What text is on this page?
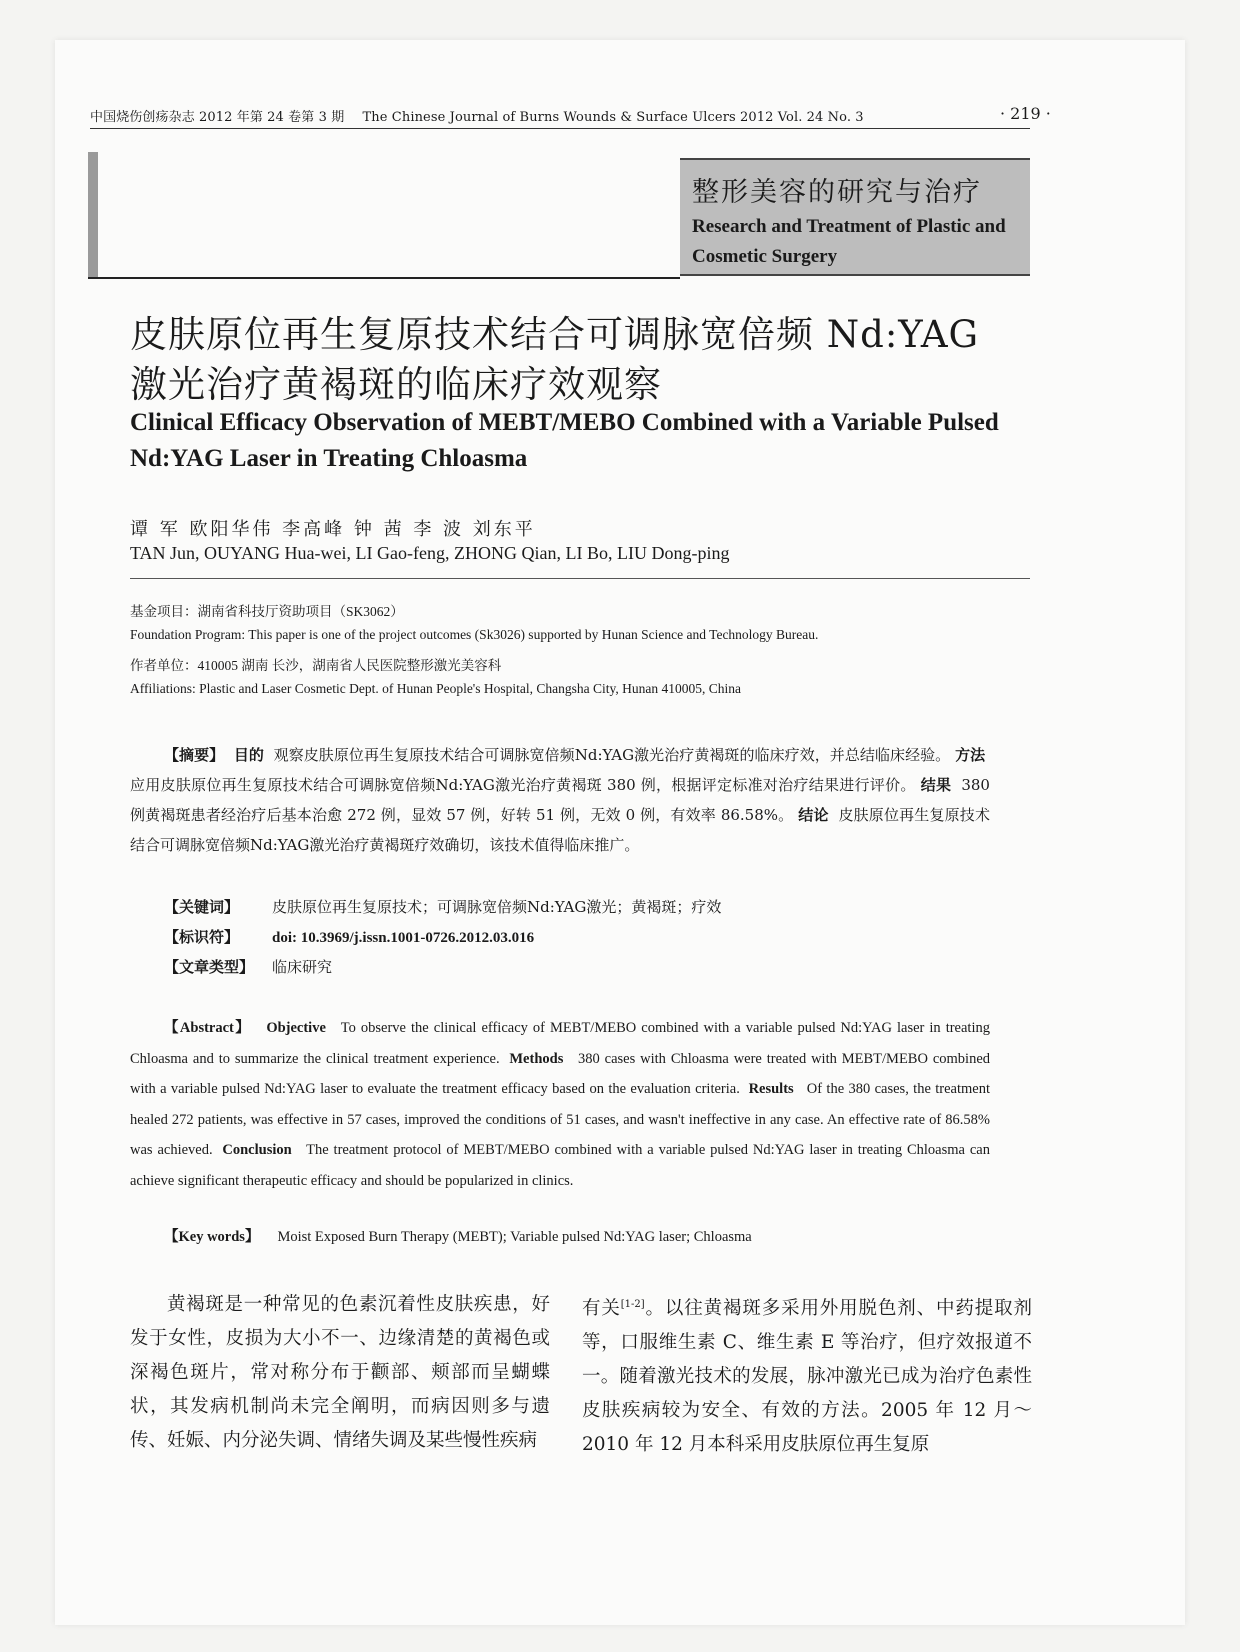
中国烧伤创疡杂志 2012 年第 24 卷第 3 期 The Chinese Journal of Burns Wounds & Surface Ulcers 2012 Vol. 24 No. 3	· 219 ·
整形美容的研究与治疗
Research and Treatment of Plastic and Cosmetic Surgery
皮肤原位再生复原技术结合可调脉宽倍频 Nd:YAG 激光治疗黄褐斑的临床疗效观察
Clinical Efficacy Observation of MEBT/MEBO Combined with a Variable Pulsed Nd:YAG Laser in Treating Chloasma
谭 军 欧阳华伟 李高峰 钟 茜 李 波 刘东平
TAN Jun, OUYANG Hua-wei, LI Gao-feng, ZHONG Qian, LI Bo, LIU Dong-ping
基金项目：湖南省科技厅资助项目（SK3062）
Foundation Program: This paper is one of the project outcomes (Sk3026) supported by Hunan Science and Technology Bureau.
作者单位：410005 湖南 长沙，湖南省人民医院整形激光美容科
Affiliations: Plastic and Laser Cosmetic Dept. of Hunan People's Hospital, Changsha City, Hunan 410005, China
【摘要】 目的 观察皮肤原位再生复原技术结合可调脉宽倍频Nd:YAG激光治疗黄褐斑的临床疗效，并总结临床经验。 方法  应用皮肤原位再生复原技术结合可调脉宽倍频Nd:YAG激光治疗黄褐斑 380 例，根据评定标准对治疗结果进行评价。 结果 380 例黄褐斑患者经治疗后基本治愈 272 例，显效 57 例，好转 51 例，无效 0 例，有效率 86.58%。 结论 皮肤原位再生复原技术结合可调脉宽倍频Nd:YAG激光治疗黄褐斑疗效确切，该技术值得临床推广。
【关键词】 皮肤原位再生复原技术；可调脉宽倍频Nd:YAG激光；黄褐斑；疗效
【标识符】 doi: 10.3969/j.issn.1001-0726.2012.03.016
【文章类型】 临床研究
【Abstract】 Objective To observe the clinical efficacy of MEBT/MEBO combined with a variable pulsed Nd:YAG laser in treating Chloasma and to summarize the clinical treatment experience. Methods 380 cases with Chloasma were treated with MEBT/MEBO combined with a variable pulsed Nd:YAG laser to evaluate the treatment efficacy based on the evaluation criteria. Results Of the 380 cases, the treatment healed 272 patients, was effective in 57 cases, improved the conditions of 51 cases, and wasn't ineffective in any case. An effective rate of 86.58% was achieved. Conclusion The treatment protocol of MEBT/MEBO combined with a variable pulsed Nd:YAG laser in treating Chloasma can achieve significant therapeutic efficacy and should be popularized in clinics.
【Key words】 Moist Exposed Burn Therapy (MEBT); Variable pulsed Nd:YAG laser; Chloasma
黄褐斑是一种常见的色素沉着性皮肤疾患，好发于女性，皮损为大小不一、边缘清楚的黄褐色或深褐色斑片，常对称分布于颧部、颊部而呈蝴蝶状，其发病机制尚未完全阐明，而病因则多与遗传、妊娠、内分泌失调、情绪失调及某些慢性疾病
有关[1-2]。以往黄褐斑多采用外用脱色剂、中药提取剂等，口服维生素 C、维生素 E 等治疗，但疗效报道不一。随着激光技术的发展，脉冲激光已成为治疗色素性皮肤疾病较为安全、有效的方法。2005 年 12 月～2010 年 12 月本科采用皮肤原位再生复原
